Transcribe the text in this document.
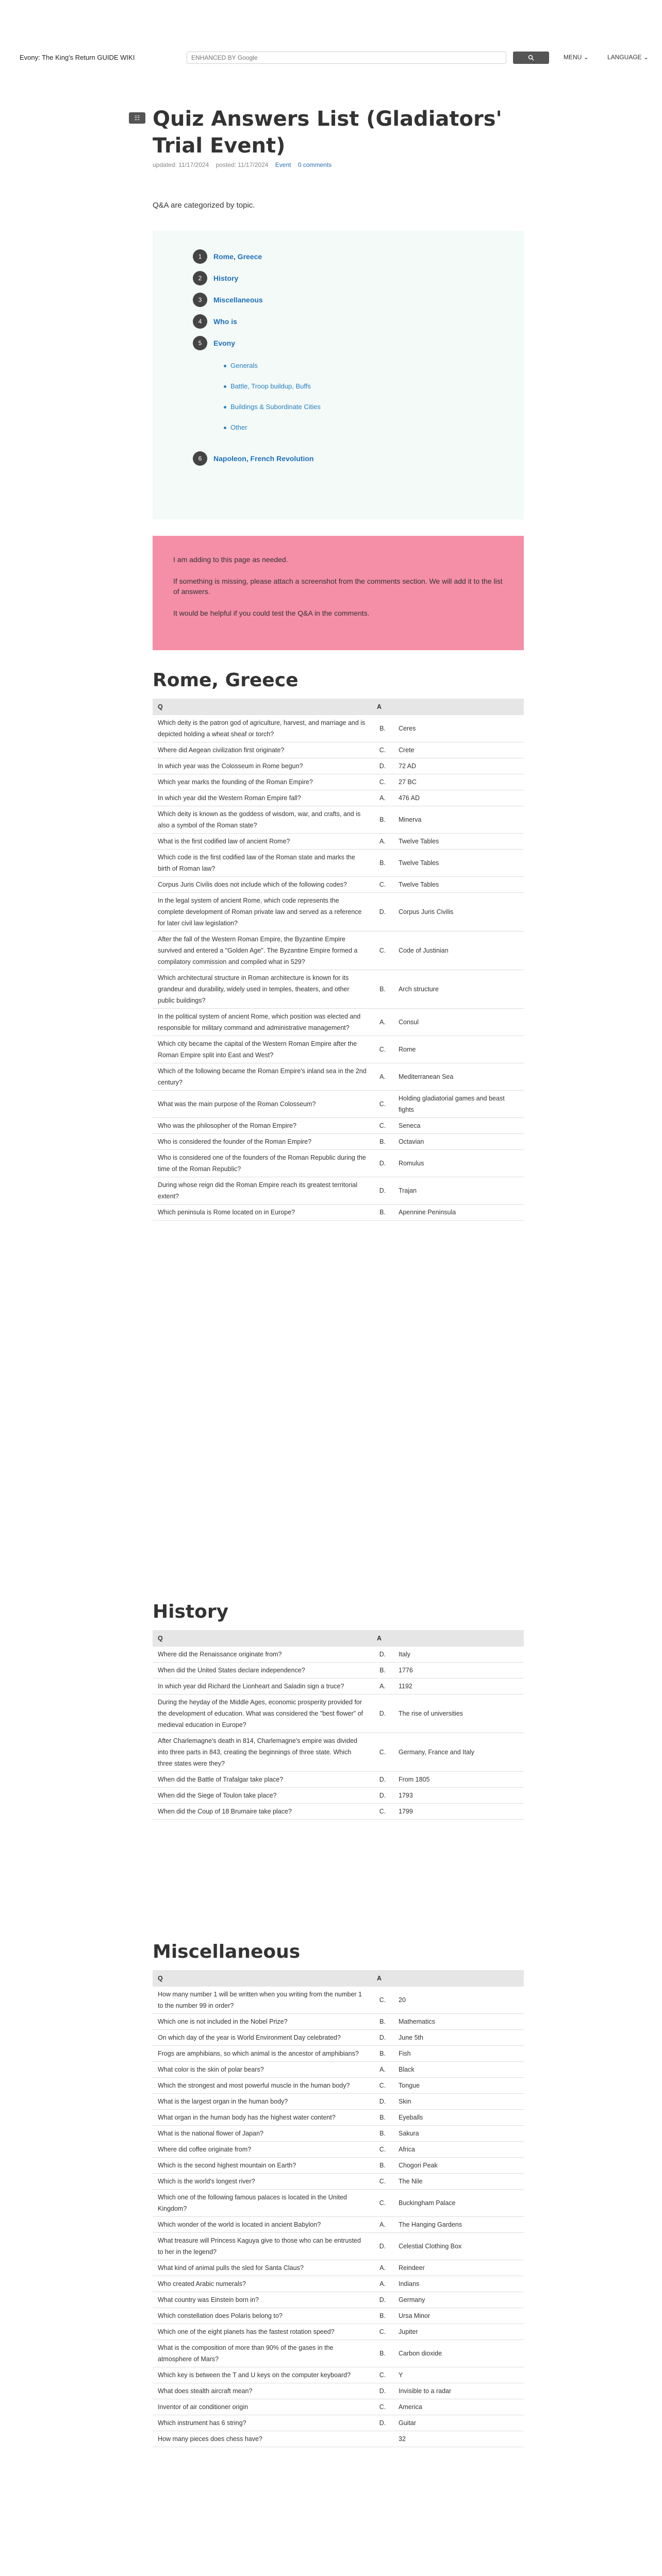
Evony: The King's Return GUIDE WIKI
ENHANCED BY Google	MENU ⌄	LANGUAGE ⌄
☷ Quiz Answers List (Gladiators' Trial Event)
updated: 11/17/2024 posted: 11/17/2024 Event 0 comments
Q&A are categorized by topic.
1	Rome, Greece
2	History
3	Miscellaneous
4	Who is
5	Evony
Generals
Battle, Troop buildup, Buffs
Buildings & Subordinate Cities
Other
6	Napoleon, French Revolution

I am adding to this page as needed.

If something is missing, please attach a screenshot from the comments section. We will add it to the list of answers.

It would be helpful if you could test the Q&A in the comments.

Rome, Greece
Q	A	
Which deity is the patron god of agriculture, harvest, and marriage and is depicted holding a wheat sheaf or torch?	B.	Ceres
Where did Aegean civilization first originate?	C.	Crete
In which year was the Colosseum in Rome begun?	D.	72 AD
Which year marks the founding of the Roman Empire?	C.	27 BC
In which year did the Western Roman Empire fall?	A.	476 AD
Which deity is known as the goddess of wisdom, war, and crafts, and is also a symbol of the Roman state?	B.	Minerva
What is the first codified law of ancient Rome?	A.	Twelve Tables
Which code is the first codified law of the Roman state and marks the birth of Roman law?	B.	Twelve Tables
Corpus Juris Civilis does not include which of the following codes?	C.	Twelve Tables
In the legal system of ancient Rome, which code represents the complete development of Roman private law and served as a reference for later civil law legislation?	D.	Corpus Juris Civilis
After the fall of the Western Roman Empire, the Byzantine Empire survived and entered a "Golden Age". The Byzantine Empire formed a compilatory commission and compiled what in 529?	C.	Code of Justinian
Which architectural structure in Roman architecture is known for its grandeur and durability, widely used in temples, theaters, and other public buildings?	B.	Arch structure
In the political system of ancient Rome, which position was elected and responsible for military command and administrative management?	A.	Consul
Which city became the capital of the Western Roman Empire after the Roman Empire split into East and West?	C.	Rome
Which of the following became the Roman Empire's inland sea in the 2nd century?	A.	Mediterranean Sea
What was the main purpose of the Roman Colosseum?	C.	Holding gladiatorial games and beast fights
Who was the philosopher of the Roman Empire?	C.	Seneca
Who is considered the founder of the Roman Empire?	B.	Octavian
Who is considered one of the founders of the Roman Republic during the time of the Roman Republic?	D.	Romulus
During whose reign did the Roman Empire reach its greatest territorial extent?	D.	Trajan
Which peninsula is Rome located on in Europe?	B.	Apennine Peninsula
History
Q	A	
Where did the Renaissance originate from?	D.	Italy
When did the United States declare independence?	B.	1776
In which year did Richard the Lionheart and Saladin sign a truce?	A.	1192
During the heyday of the Middle Ages, economic prosperity provided for the development of education. What was considered the "best flower" of medieval education in Europe?	D.	The rise of universities
After Charlemagne's death in 814, Charlemagne's empire was divided into three parts in 843, creating the beginnings of three state. Which three states were they?	C.	Germany, France and Italy
When did the Battle of Trafalgar take place?	D.	From 1805
When did the Siege of Toulon take place?	D.	1793
When did the Coup of 18 Brumaire take place?	C.	1799
Miscellaneous
Q	A	
How many number 1 will be written when you writing from the number 1 to the number 99 in order?	C.	20
Which one is not included in the Nobel Prize?	B.	Mathematics
On which day of the year is World Environment Day celebrated?	D.	June 5th
Frogs are amphibians, so which animal is the ancestor of amphibians?	B.	Fish
What color is the skin of polar bears?	A.	Black
Which the strongest and most powerful muscle in the human body?	C.	Tongue
What is the largest organ in the human body?	D.	Skin
What organ in the human body has the highest water content?	B.	Eyeballs
What is the national flower of Japan?	B.	Sakura
Where did coffee originate from?	C.	Africa
Which is the second highest mountain on Earth?	B.	Chogori Peak
Which is the world's longest river?	C.	The Nile
Which one of the following famous palaces is located in the United Kingdom?	C.	Buckingham Palace
Which wonder of the world is located in ancient Babylon?	A.	The Hanging Gardens
What treasure will Princess Kaguya give to those who can be entrusted to her in the legend?	D.	Celestial Clothing Box
What kind of animal pulls the sled for Santa Claus?	A.	Reindeer
Who created Arabic numerals?	A.	Indians
What country was Einstein born in?	D.	Germany
Which constellation does Polaris belong to?	B.	Ursa Minor
Which one of the eight planets has the fastest rotation speed?	C.	Jupiter
What is the composition of more than 90% of the gases in the atmosphere of Mars?	B.	Carbon dioxide
Which key is between the T and U keys on the computer keyboard?	C.	Y
What does stealth aircraft mean?	D.	Invisible to a radar
Inventor of air conditioner origin	C.	America
Which instrument has 6 string?	D.	Guitar
How many pieces does chess have?		32
